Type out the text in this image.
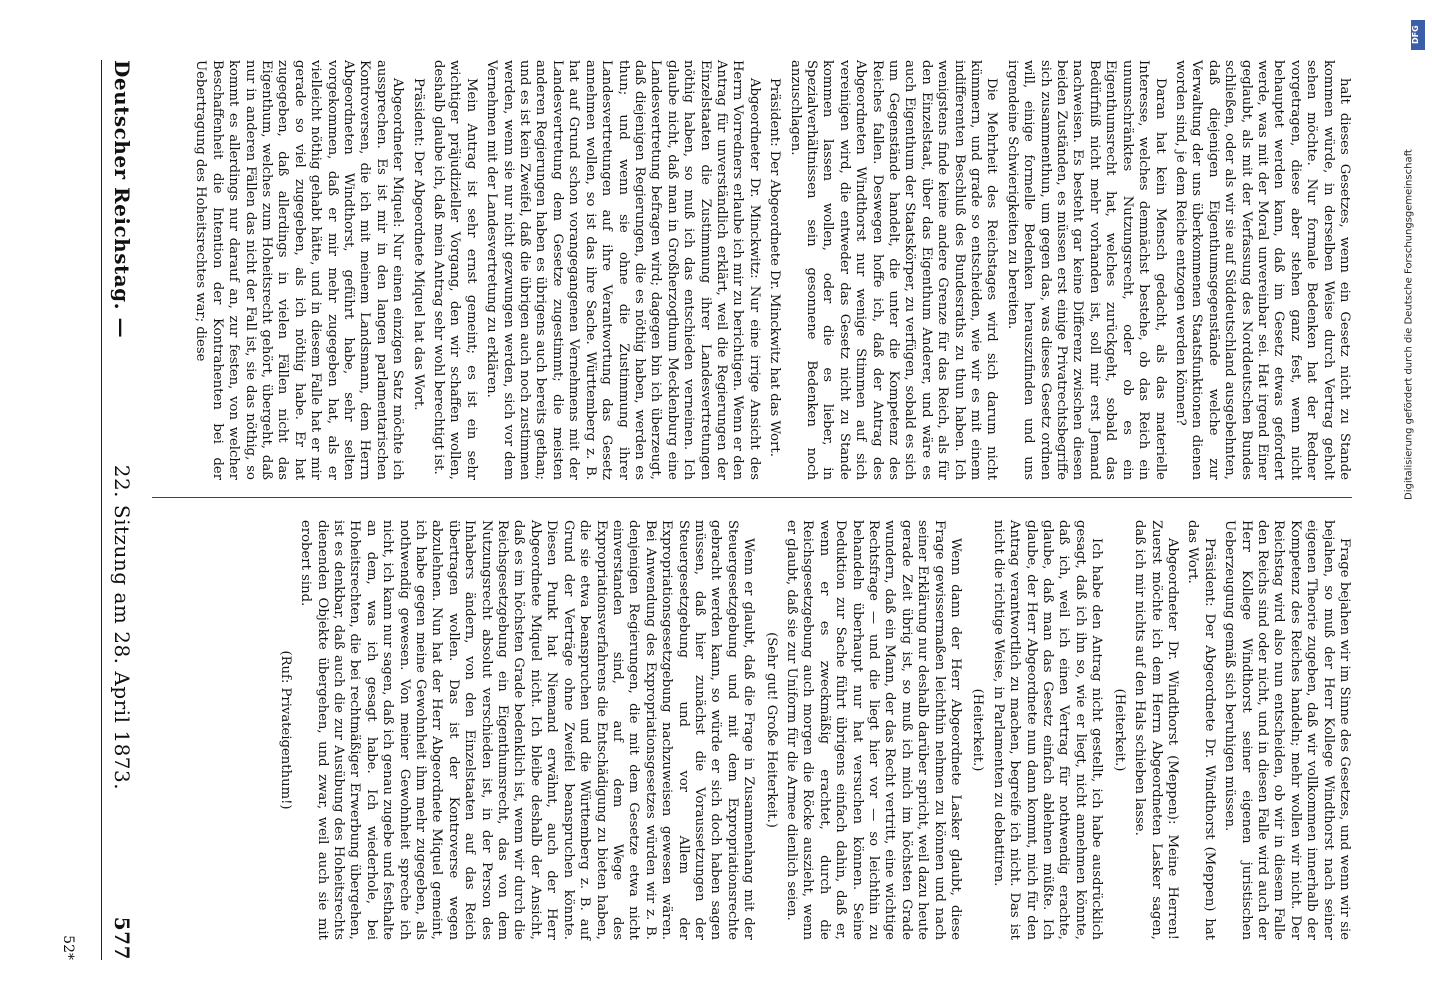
Deutscher Reichstag. —
22. Sitzung am 28. April 1873.
577

halt dieses Gesetzes, wenn ein Gesetz nicht zu Stande kommen würde, in derselben Weise durch Vertrag geholt sehen möchte. Nur formale Bedenken hat der Redner vorgetragen, diese aber stehen ganz fest, wenn nicht behauptet werden kann, daß im Gesetz etwas gefordert werde, was mit der Moral unvereinbar sei. Hat irgend Einer geglaubt, als mit der Verfassung des Norddeutschen Bundes schließen, oder als wir sie auf Süddeutschland ausgebehnten, daß diejenigen Eigenthumsgegenstände welche zur Verwaltung der uns überkommenen Staatsfunktionen dienen worden sind, je dem Reiche entzogen werden können?

Daran hat kein Mensch gedacht, als das materielle Interesse, welches demnächst bestehe, ob das Reich ein unumschränktes Nutzungsrecht, oder ob es ein Eigenthumsrecht hat, welches zurückgeht, sobald das Bedürfniß nicht mehr vorhanden ist, soll mir erst Jemand nachweisen. Es besteht gar keine Differenz zwischen diesen beiden Zuständen, es müssen erst einige Privatrechtsbegriffe sich zusammenthun, um gegen das, was dieses Gesetz ordnen will, einige formelle Bedenken herauszufinden und uns irgendeine Schwierigkeiten zu bereiten.

Die Mehrheit des Reichstages wird sich darum nicht kümmern, und grade so entscheiden, wie wir es mit einem indifferenten Beschluß des Bundesraths zu thun haben. Ich wenigstens finde keine andere Grenze für das Reich, als für den Einzelstaat, über das Eigenthum Anderer, und wäre es auch Eigenthum der Staatskörper, zu verfügen, sobald es sich um Gegenstände handelt, die unter die Kompetenz des Reiches fallen. Deswegen hoffe ich, daß der Antrag des Abgeordneten Windthorst nur wenige Stimmen auf sich vereinigen wird, die entweder das Gesetz nicht zu Stande kommen lassen wollen, oder die es lieber, in Spezialverhältnissen sein gesonnene Bedenken noch anzuschlagen.

Präsident: Der Abgeordnete Dr. Minckwitz hat das Wort.

Abgeordneter Dr. Minckwitz: Nur eine irrige Ansicht des Herrn Vorredners erlaube ich mir zu berichtigen. Wenn er den Antrag für unverständlich erklärt, weil die Regierungen der Einzelstaaten die Zustimmung ihrer Landesvertretungen nöthig haben, so muß ich das entschieden verneinen. Ich glaube nicht, daß man in Großherzogthum Mecklenburg eine Landesvertretung befragen wird; dagegen bin ich überzeugt, daß diejenigen Regierungen, die es nöthig haben, werden es thun; und wenn sie ohne die Zustimmung ihrer Landesvertretungen auf ihre Verantwortung das Gesetz annehmen wollen, so ist das ihre Sache. Württemberg z. B. hat auf Grund schon vorangegangenen Vernehmens mit der Landesvertretung dem Gesetze zugestimmt; die meisten anderen Regierungen haben es übrigens auch bereits gethan; und es ist kein Zweifel, daß die übrigen auch noch zustimmen werden, wenn sie nur nicht gezwungen werden, sich vor dem Vernehmen mit der Landesvertretung zu erklären.

Mein Antrag ist sehr ernst gemeint; es ist ein sehr wichtiger präjudizieller Vorgang, den wir schaffen wollen, deshalb glaube ich, daß mein Antrag sehr wohl berechtigt ist.

Präsident: Der Abgeordnete Miquel hat das Wort.

Abgeordneter Miquel: Nur einen einzigen Satz möchte ich aussprechen. Es ist mir in den langen parlamentarischen Kontroversen, die ich mit meinem Landsmann, dem Herrn Abgeordneten Windthorst, geführt habe, sehr selten vorgekommen, daß er mir mehr zugegeben hat, als er vielleicht nöthig gehabt hätte, und in diesem Falle hat er mir gerade so viel zugegeben, als ich nöthig habe. Er hat zugegeben, daß allerdings in vielen Fällen nicht das Eigenthum, welches zum Hoheitsrecht gehört, übergeht, daß nur in anderen Fällen das nicht der Fall ist, sie das nöthig, so kommt es allerdings nur darauf an, zur festen, von welcher Beschaffenheit die Intention der Kontrahenten bei der Uebertragung des Hoheitsrechtes war; diese

Frage bejahen wir im Sinne des Gesetzes, und wenn wir sie bejahen, so muß der Herr Kollege Windthorst nach seiner eigenen Theorie zugeben, daß wir vollkommen innerhalb der Kompetenz des Reiches handeln; mehr wollen wir nicht. Der Reichstag wird also nun entscheiden, ob wir in diesem Falle den Reichs sind oder nicht, und in diesen Falle wird auch der Herr Kollege Windthorst seiner eigenen juristischen Ueberzeugung gemäß sich beruhigen müssen.

Präsident: Der Abgeordnete Dr. Windthorst (Meppen) hat das Wort.

Abgeordneter Dr. Windthorst (Meppen): Meine Herren! Zuerst möchte ich dem Herrn Abgeordneten Lasker sagen, daß ich mir nichts auf den Hals schieben lasse.

(Heiterkeit.)

Ich habe den Antrag nicht gestellt, ich habe ausdrücklich gesagt, daß ich ihn so, wie er liegt, nicht annehmen könnte, daß ich, weil ich einen Vertrag für nothwendig erachte, glaube, daß man das Gesetz einfach ablehnen müßte. Ich glaube, der Herr Abgeordnete nun dann kommt, mich für den Antrag verantwortlich zu machen, begreife ich nicht. Das ist nicht die richtige Weise, in Parlamenten zu debattiren.

(Heiterkeit.)

Wenn dann der Herr Abgeordnete Lasker glaubt, diese Frage gewissermaßen leichthin nehmen zu können und nach seiner Erklärung nur deshalb darüber spricht, weil dazu heute gerade Zeit übrig ist, so muß ich mich im höchsten Grade wundern, daß ein Mann, der das Recht vertritt, eine wichtige Rechtsfrage — und die liegt hier vor — so leichthin zu behandeln überhaupt nur hat versuchen können. Seine Deduktion zur Sache führt übrigens einfach dahin, daß er, wenn er es zweckmäßig erachtet, durch die Reichsgesetzgebung auch morgen die Röcke auszieht, wenn er glaubt, daß sie zur Uniform für die Armee dienlich seien.

(Sehr gut! Große Heiterkeit.)

Wenn er glaubt, daß die Frage in Zusammenhang mit der Steuergesetzgebung und mit dem Expropriationsrechte gebracht werden kann, so würde er sich doch haben sagen müssen, daß hier zunächst die Voraussetzungen der Steuergesetzgebung und vor Allem der Expropriationsgesetzgebung nachzuweisen gewesen wären. Bei Anwendung des Expropriationsgesetzes würden wir z. B. denjenigen Regierungen, die mit dem Gesetze etwa nicht einverstanden sind, auf dem Wege des Expropriationsverfahrens die Entschädigung zu bieten haben, die sie etwa beanspruchen und die Württemberg z. B. auf Grund der Verträge ohne Zweifel beanspruchen könnte. Diesen Punkt hat Niemand erwähnt, auch der Herr Abgeordnete Miquel nicht. Ich bleibe deshalb der Ansicht, daß es im höchsten Grade bedenklich ist, wenn wir durch die Reichsgesetzgebung ein Eigenthumsrecht, das von dem Nutzungsrecht absolut verschieden ist, in der Person des Inhabers ändern, von den Einzelstaaten auf das Reich übertragen wollen. Das ist der Kontroverse wegen abzulehnen. Nun hat der Herr Abgeordnete Miquel gemeint, ich habe gegen meine Gewohnheit ihm mehr zugegeben, als nothwendig gewesen. Von meiner Gewohnheit spreche ich nicht, ich kann nur sagen, daß ich genau zugebe und festhalte an dem, was ich gesagt habe. Ich wiederhole, bei Hoheitsrechten, die bei rechtmäßiger Erwerbung übergehen, ist es denkbar, daß auch die zur Ausübung des Hoheitsrechts dienenden Objekte übergehen, und zwar, weil auch sie mit erobert sind.

(Ruf: Privateigenthum!)

52*
Digitalisierung gefördert durch die Deutsche Forschungsgemeinschaft
DFG
